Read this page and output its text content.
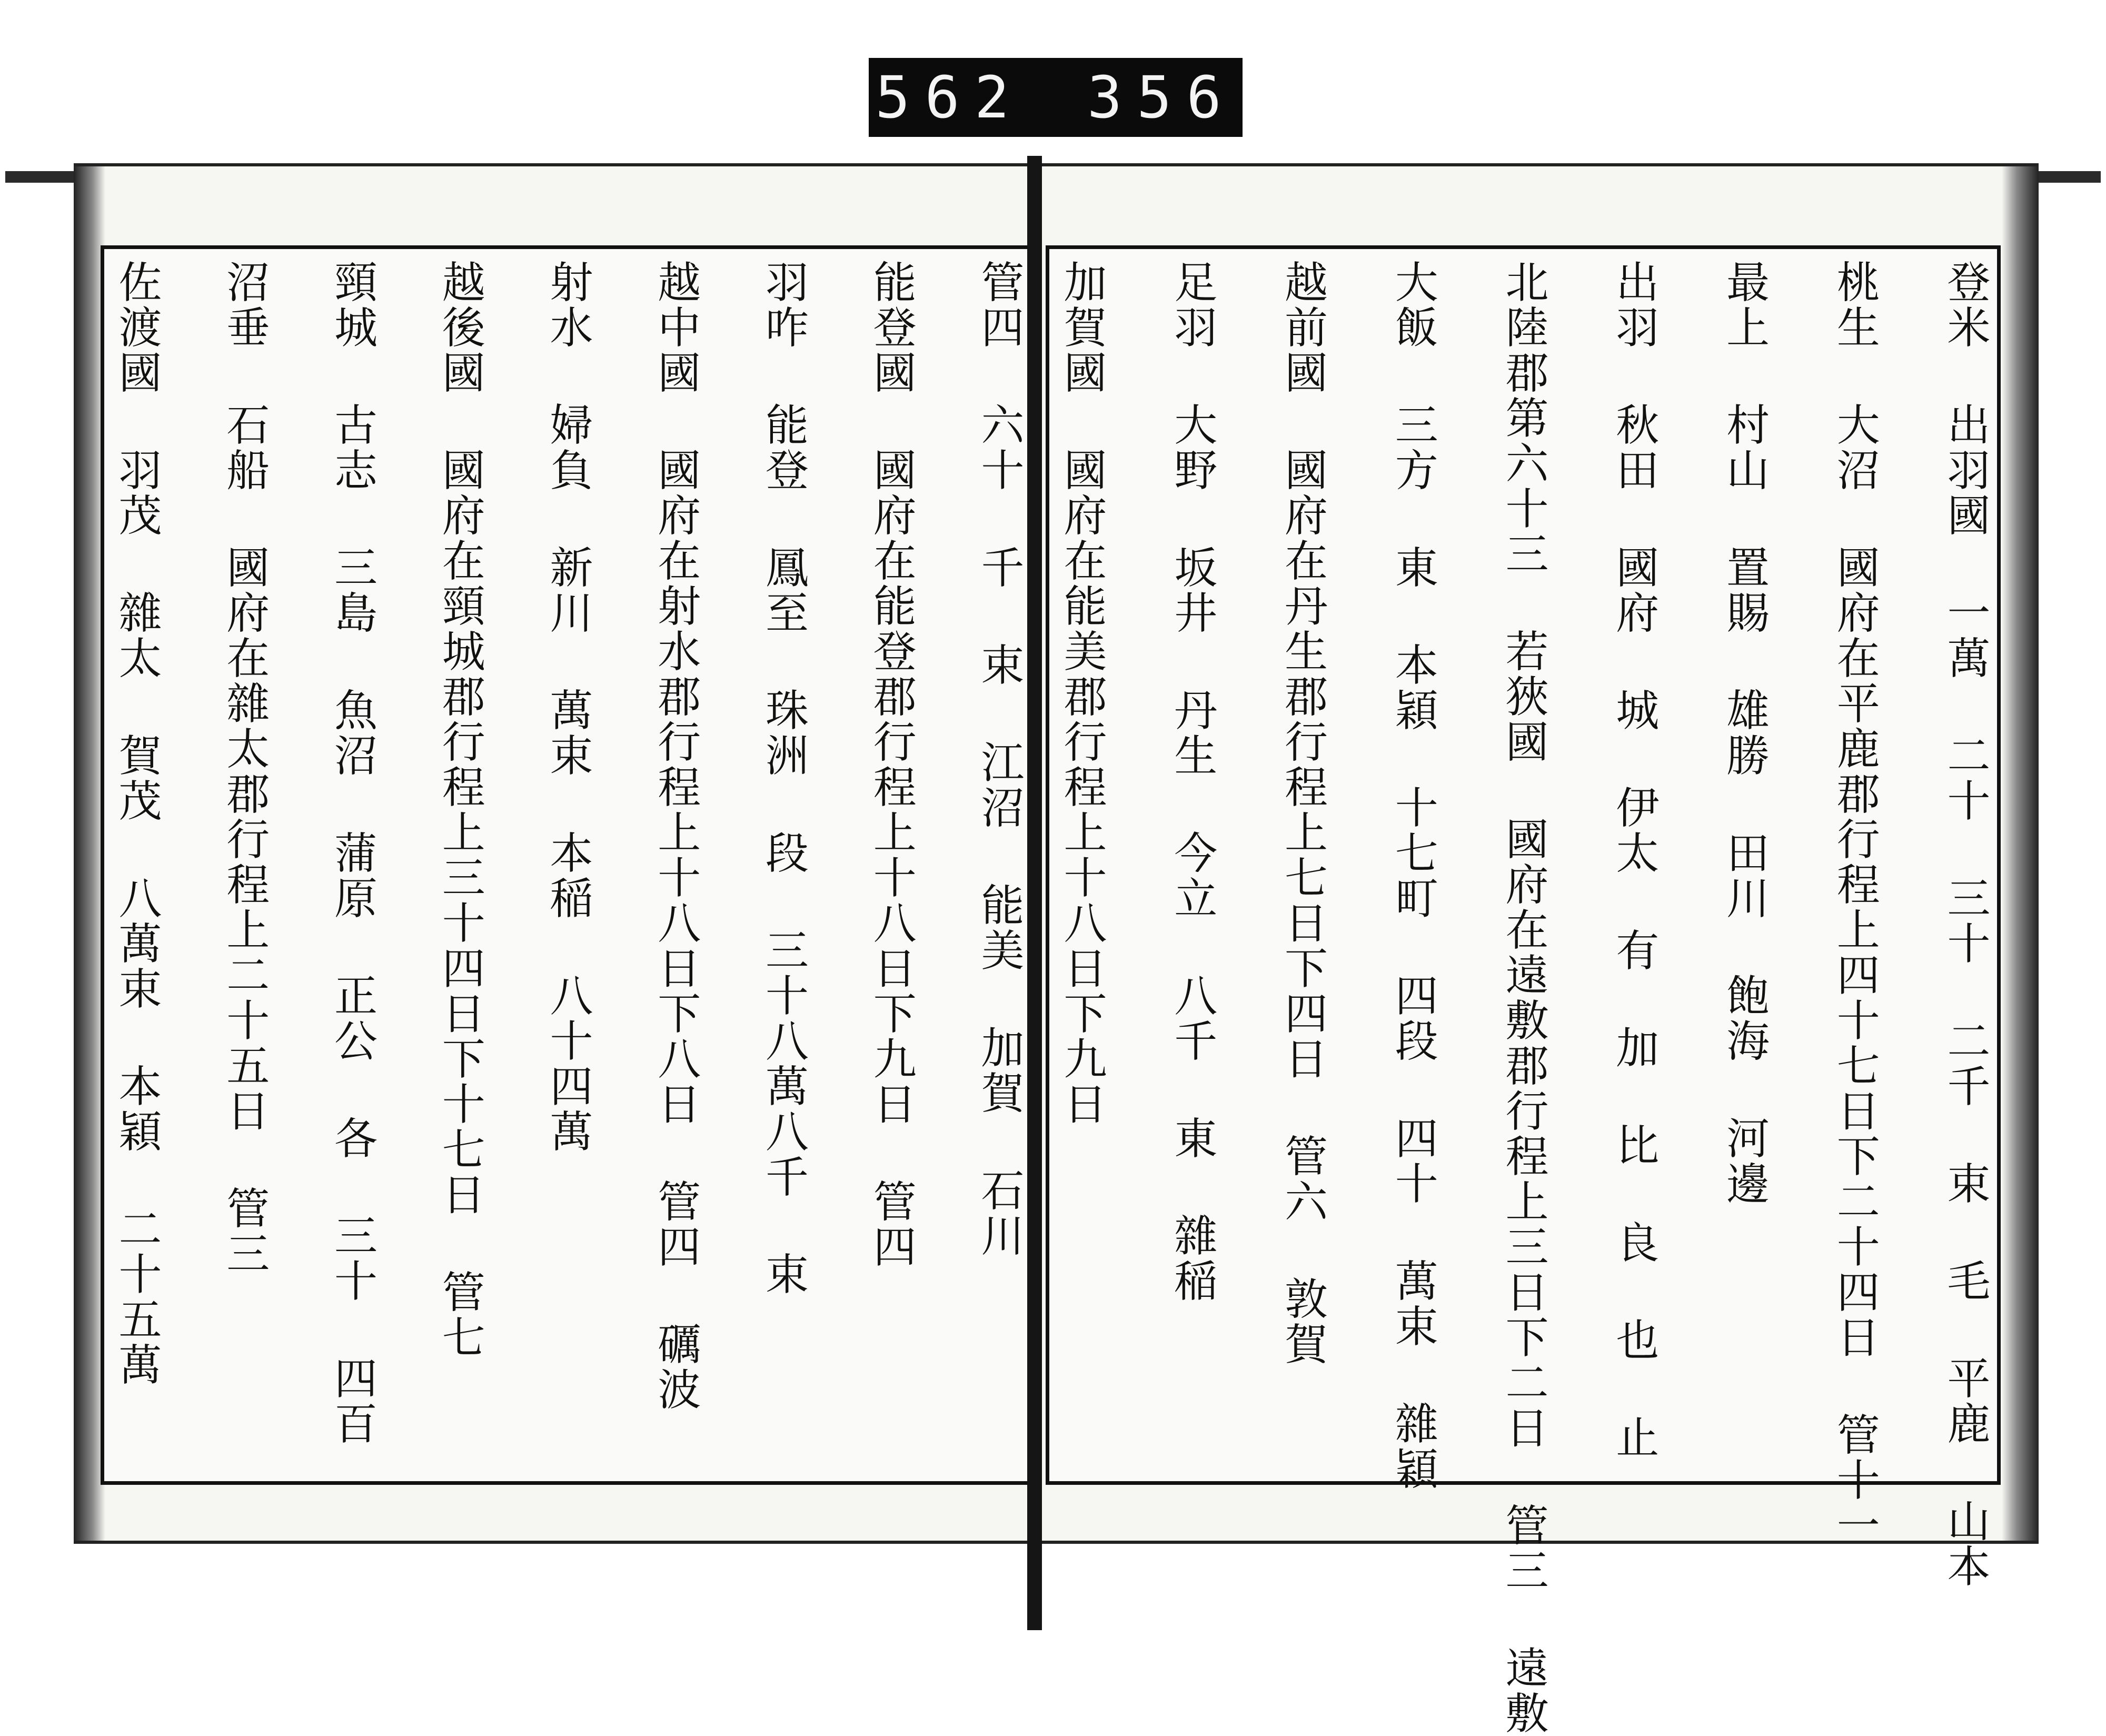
562 356
管四 六十 千 束 江沼 能美 加賀 石川
能登國 國府在能登郡行程上十八日下九日 管四
羽咋 能登 鳳至 珠洲 段 三十八萬八千 束
越中國 國府在射水郡行程上十八日下八日 管四 礪波
射水 婦負 新川 萬束 本稲 八十四萬
越後國 國府在頸城郡行程上三十四日下十七日 管七
頸城 古志 三島 魚沼 蒲原 正公 各 三十 四百
沼垂 石船 國府在雜太郡行程上二十五日 管三
佐渡國 羽茂 雜太 賀茂 八萬束 本穎 二十五萬	登米 出羽國 一萬 二十 三十 二千 束 毛 平鹿 山本
桃生 大沼 國府在平鹿郡行程上四十七日下二十四日 管十一
最上 村山 置賜 雄勝 田川 飽海 河邊
出羽 秋田 國府 城 伊太 有 加 比 良 也 止
北陸郡第六十三 若狹國 國府在遠敷郡行程上三日下二日 管三 遠敷
大飯 三方 東 本穎 十七町 四段 四十 萬束 雜穎
越前國 國府在丹生郡行程上七日下四日 管六 敦賀
足羽 大野 坂井 丹生 今立 八千 東 雜稲
加賀國 國府在能美郡行程上十八日下九日
